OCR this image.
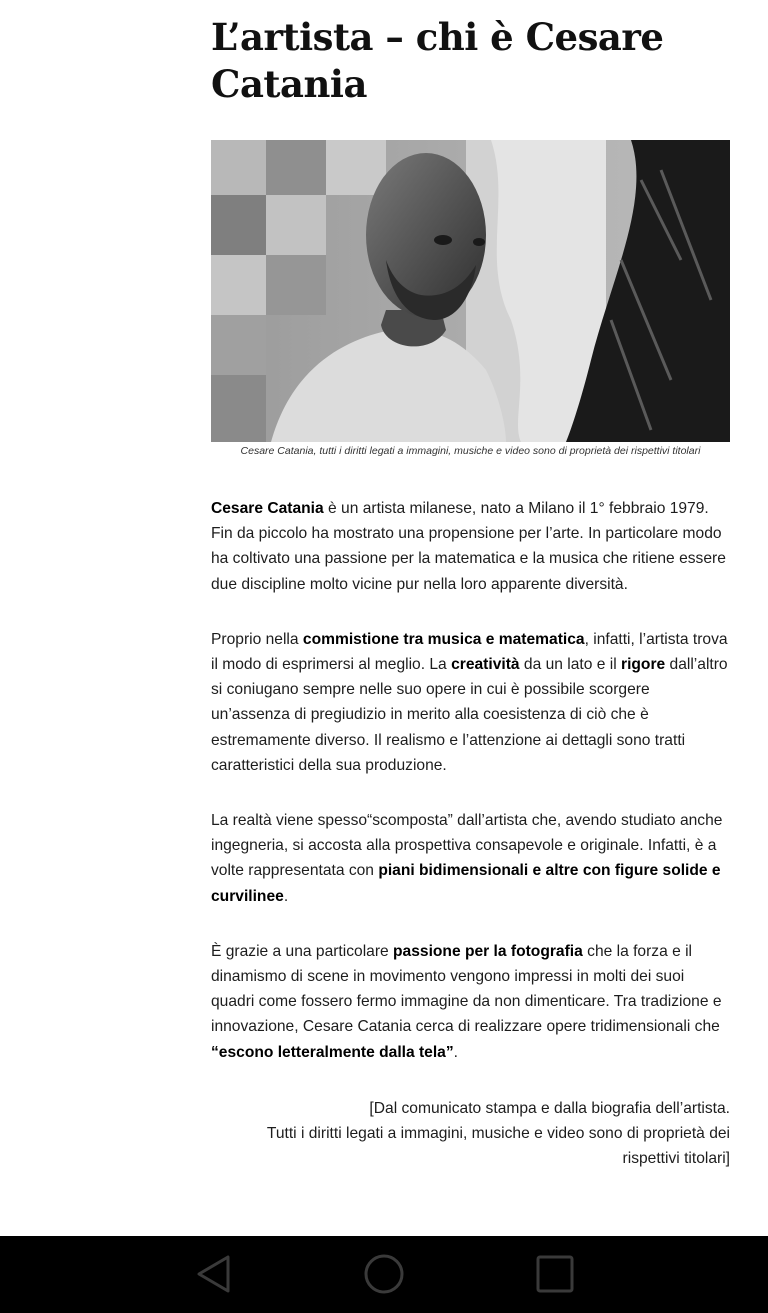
L’artista – chi è Cesare
Catania
Cesare Catania, tutti i diritti legati a immagini, musiche e video sono di proprietà dei rispettivi titolari

Cesare Catania è un artista milanese, nato a Milano il 1° febbraio 1979. Fin da piccolo ha mostrato una propensione per l’arte. In particolare modo ha coltivato una passione per la matematica e la musica che ritiene essere due discipline molto vicine pur nella loro apparente diversità.

Proprio nella commistione tra musica e matematica, infatti, l’artista trova il modo di esprimersi al meglio. La creatività da un lato e il rigore dall’altro si coniugano sempre nelle suo opere in cui è possibile scorgere un’assenza di pregiudizio in merito alla coesistenza di ciò che è estremamente diverso. Il realismo e l’attenzione ai dettagli sono tratti caratteristici della sua produzione.

La realtà viene spesso“scomposta” dall’artista che, avendo studiato anche ingegneria, si accosta alla prospettiva consapevole e originale. Infatti, è a volte rappresentata con piani bidimensionali e altre con figure solide e curvilinee.

È grazie a una particolare passione per la fotografia che la forza e il dinamismo di scene in movimento vengono impressi in molti dei suoi quadri come fossero fermo immagine da non dimenticare. Tra tradizione e innovazione, Cesare Catania cerca di realizzare opere tridimensionali che “escono letteralmente dalla tela”.

[Dal comunicato stampa e dalla biografia dell’artista.
Tutti i diritti legati a immagini, musiche e video sono di proprietà dei rispettivi titolari]
